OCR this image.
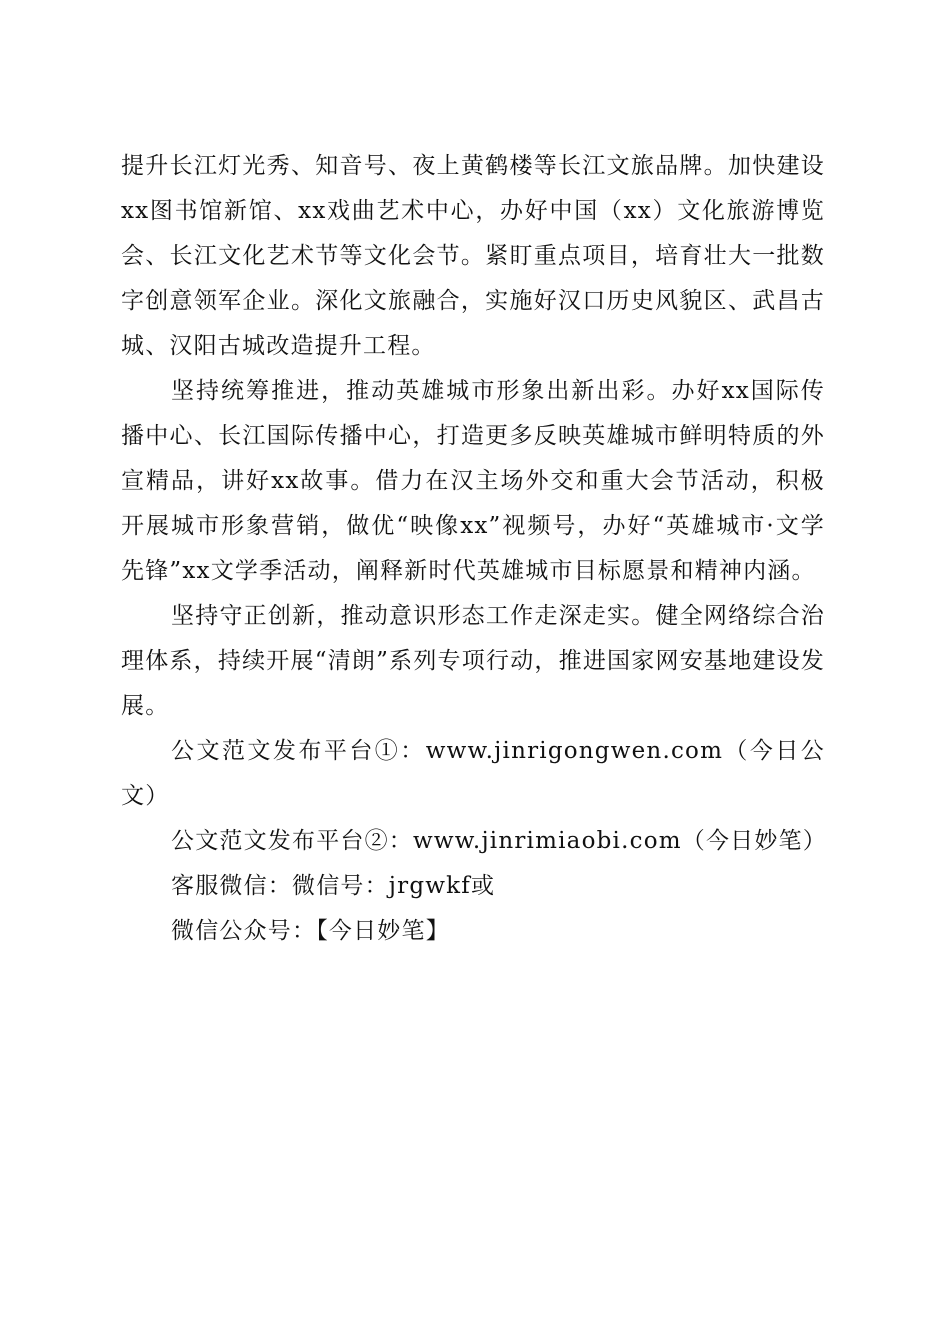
提升长江灯光秀、知音号、夜上黄鹤楼等长江文旅品牌。加快建设xx图书馆新馆、xx戏曲艺术中心，办好中国（xx）文化旅游博览会、长江文化艺术节等文化会节。紧盯重点项目，培育壮大一批数字创意领军企业。深化文旅融合，实施好汉口历史风貌区、武昌古城、汉阳古城改造提升工程。

坚持统筹推进，推动英雄城市形象出新出彩。办好xx国际传播中心、长江国际传播中心，打造更多反映英雄城市鲜明特质的外宣精品，讲好xx故事。借力在汉主场外交和重大会节活动，积极开展城市形象营销，做优“映像xx”视频号，办好“英雄城市·文学先锋”xx文学季活动，阐释新时代英雄城市目标愿景和精神内涵。

坚持守正创新，推动意识形态工作走深走实。健全网络综合治理体系，持续开展“清朗”系列专项行动，推进国家网安基地建设发展。

公文范文发布平台①：www.jinrigongwen.com（今日公文）

公文范文发布平台②：www.jinrimiaobi.com（今日妙笔）

客服微信：微信号：jrgwkf或

微信公众号：【今日妙笔】
